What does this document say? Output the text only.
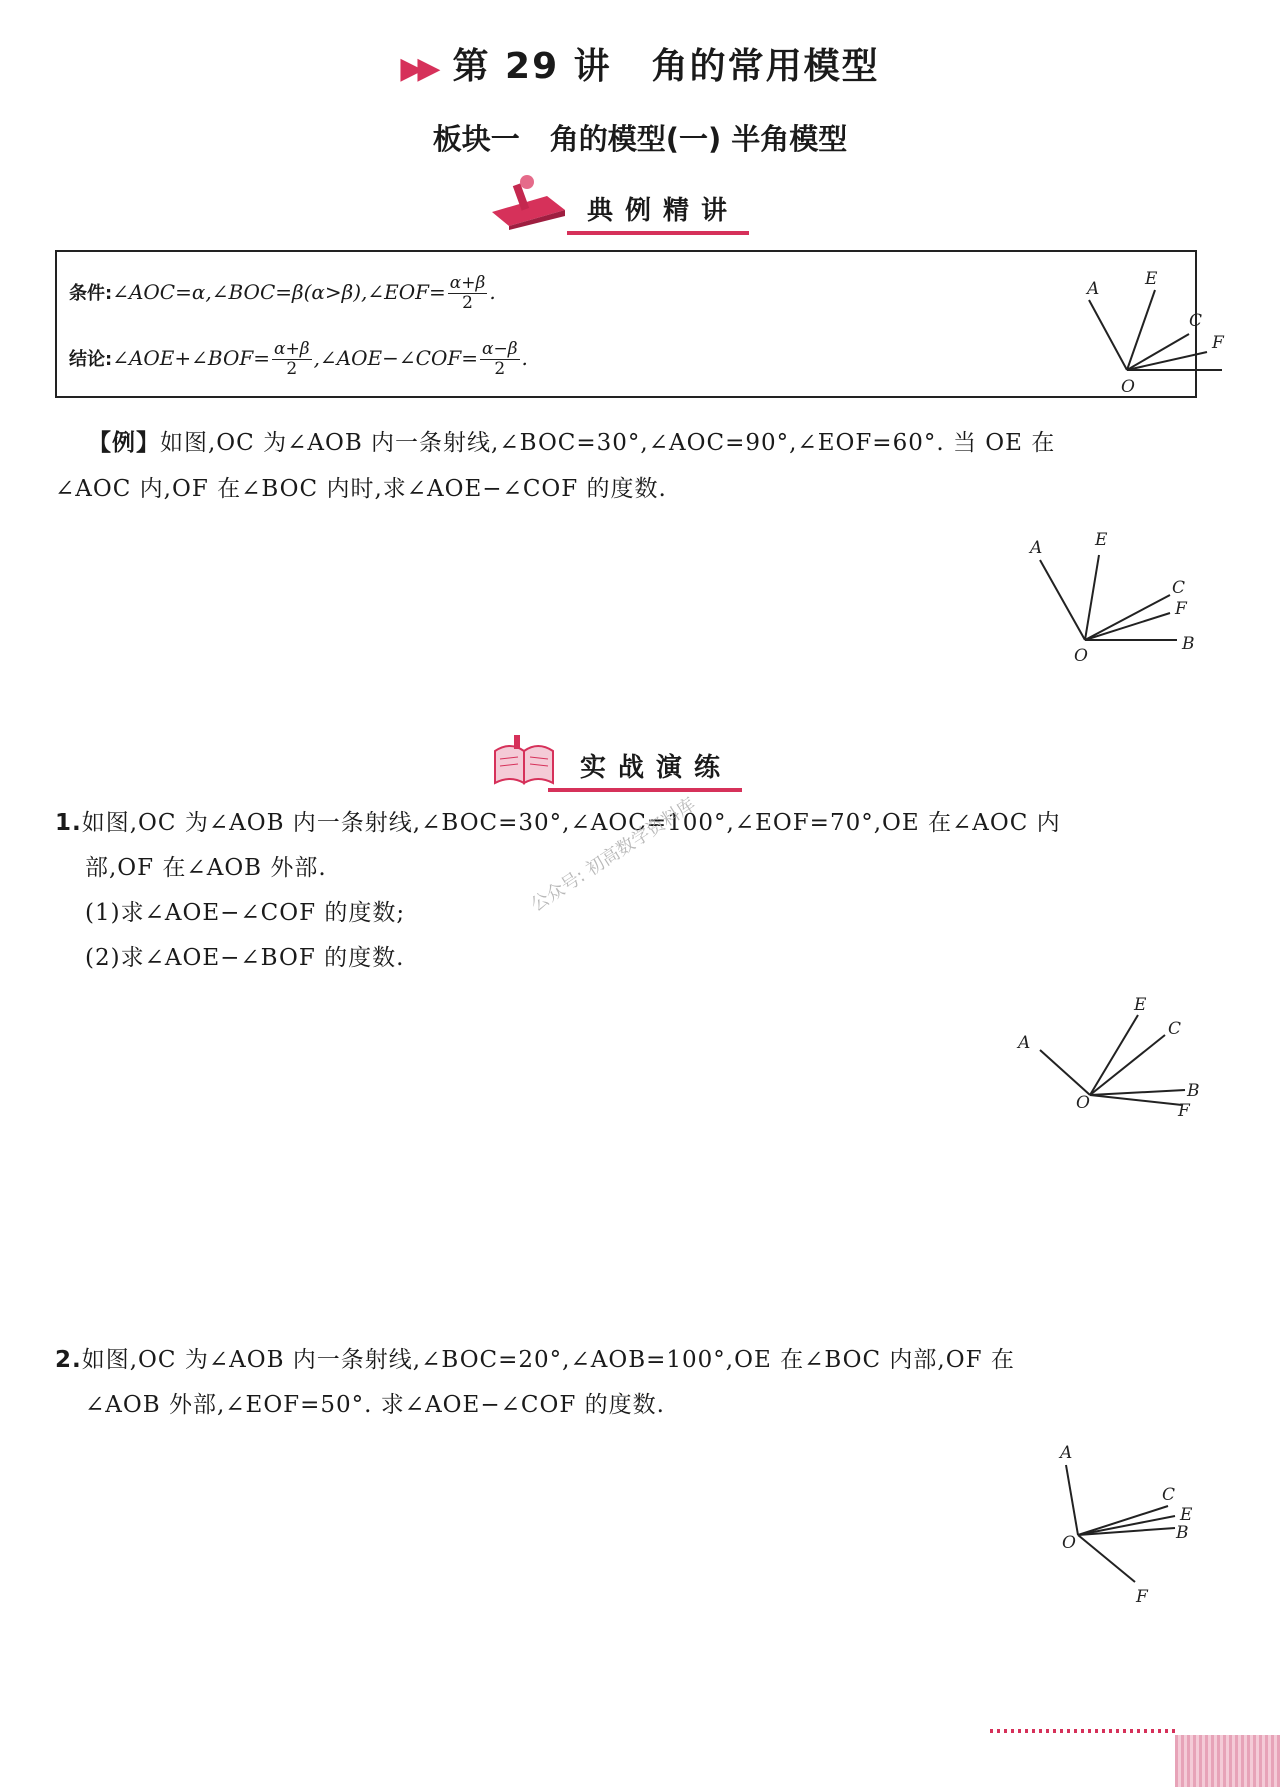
▶▶ 第 29 讲 角的常用模型
板块一 角的模型(一) 半角模型
典例精讲
条件:∠AOC=α,∠BOC=β(α>β),∠EOF= $\frac{\alpha+\beta}{2}$ .
结论:∠AOE+∠BOF= $\frac{\alpha+\beta}{2}$ ,∠AOE−∠COF= $\frac{\alpha-\beta}{2}$ .
A	E
C
F
O
【例】如图,OC 为∠AOB 内一条射线,∠BOC=30°,∠AOC=90°,∠EOF=60°. 当 OE 在
∠AOC 内,OF 在∠BOC 内时,求∠AOE−∠COF 的度数.
A	E
C
F
B
O
实战演练
1.如图,OC 为∠AOB 内一条射线,∠BOC=30°,∠AOC=100°,∠EOF=70°,OE 在∠AOC 内
部,OF 在∠AOB 外部.
(1)求∠AOE−∠COF 的度数;
(2)求∠AOE−∠BOF 的度数.
公众号: 初高数学资料库
A
E
C
B
F
O
2.如图,OC 为∠AOB 内一条射线,∠BOC=20°,∠AOB=100°,OE 在∠BOC 内部,OF 在
∠AOB 外部,∠EOF=50°. 求∠AOE−∠COF 的度数.
A
C
E
B
F
O
